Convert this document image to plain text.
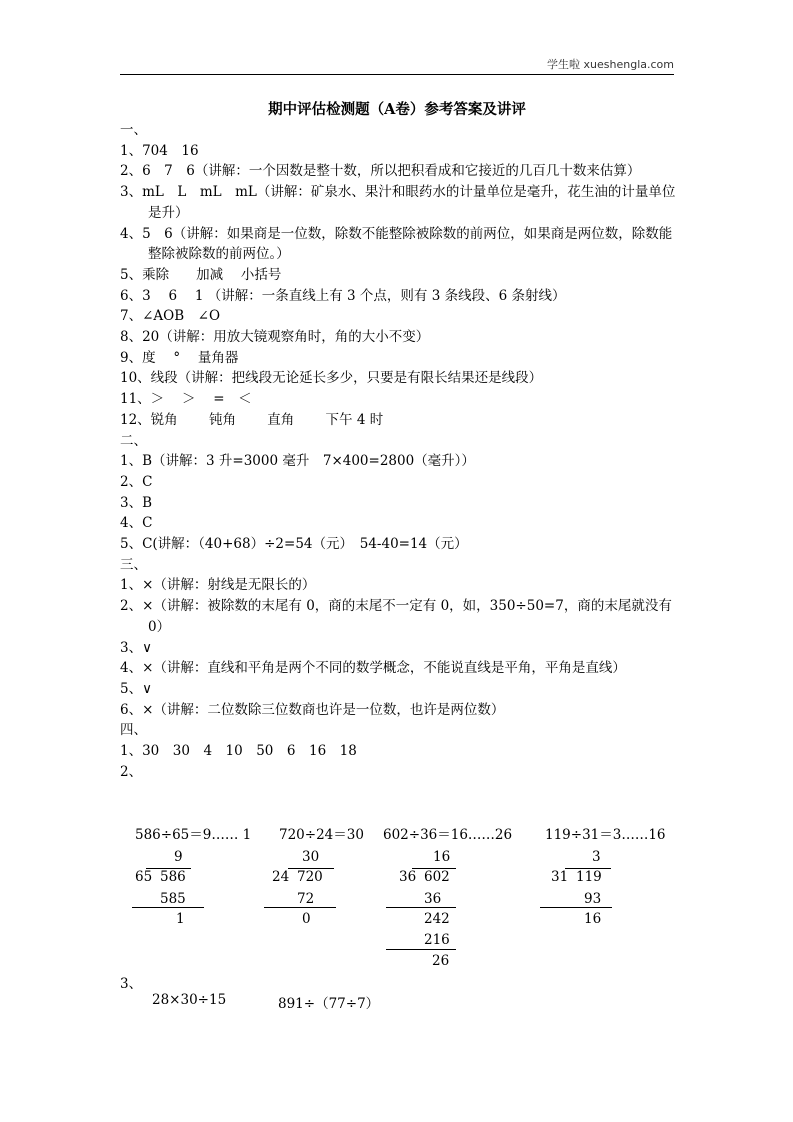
学生啦 xueshengla.com
期中评估检测题（A卷）参考答案及讲评
一、
1、704　16
2、6　7　6（讲解：一个因数是整十数，所以把积看成和它接近的几百几十数来估算）
3、mL　L　mL　mL（讲解：矿泉水、果汁和眼药水的计量单位是毫升，花生油的计量单位是升）
4、5　6（讲解：如果商是一位数，除数不能整除被除数的前两位，如果商是两位数，除数能整除被除数的前两位。）
5、乘除　　加减　 小括号
6、3　 6　 1 （讲解：一条直线上有 3 个点，则有 3 条线段、6 条射线）
7、∠AOB　∠O
8、20（讲解：用放大镜观察角时，角的大小不变）
9、度　 °　 量角器
10、线段（讲解：把线段无论延长多少，只要是有限长结果还是线段）
11、＞　 ＞　 =　＜
12、锐角　　 钝角　　 直角　　 下午 4 时
二、
1、B（讲解：3 升=3000 毫升　7×400=2800（毫升））
2、C
3、B
4、C
5、C(讲解：（40+68）÷2=54（元）　54-40=14（元）
三、
1、×（讲解：射线是无限长的）
2、×（讲解：被除数的末尾有 0，商的末尾不一定有 0，如，350÷50=7，商的末尾就没有 0）
3、∨
4、×（讲解：直线和平角是两个不同的数学概念，不能说直线是平角，平角是直线）
5、∨
6、×（讲解：二位数除三位数商也许是一位数，也许是两位数）
四、
1、30　30　4　10　50　6　16　18
2、
586÷65＝9…… 1
9
65 586
585
1
720÷24＝30
30
24 720
72
0
602÷36＝16……26
16
36 602
36
242
216
26
119÷31＝3……16
3
31 119
93
16
3、
28×30÷15	891÷（77÷7）
